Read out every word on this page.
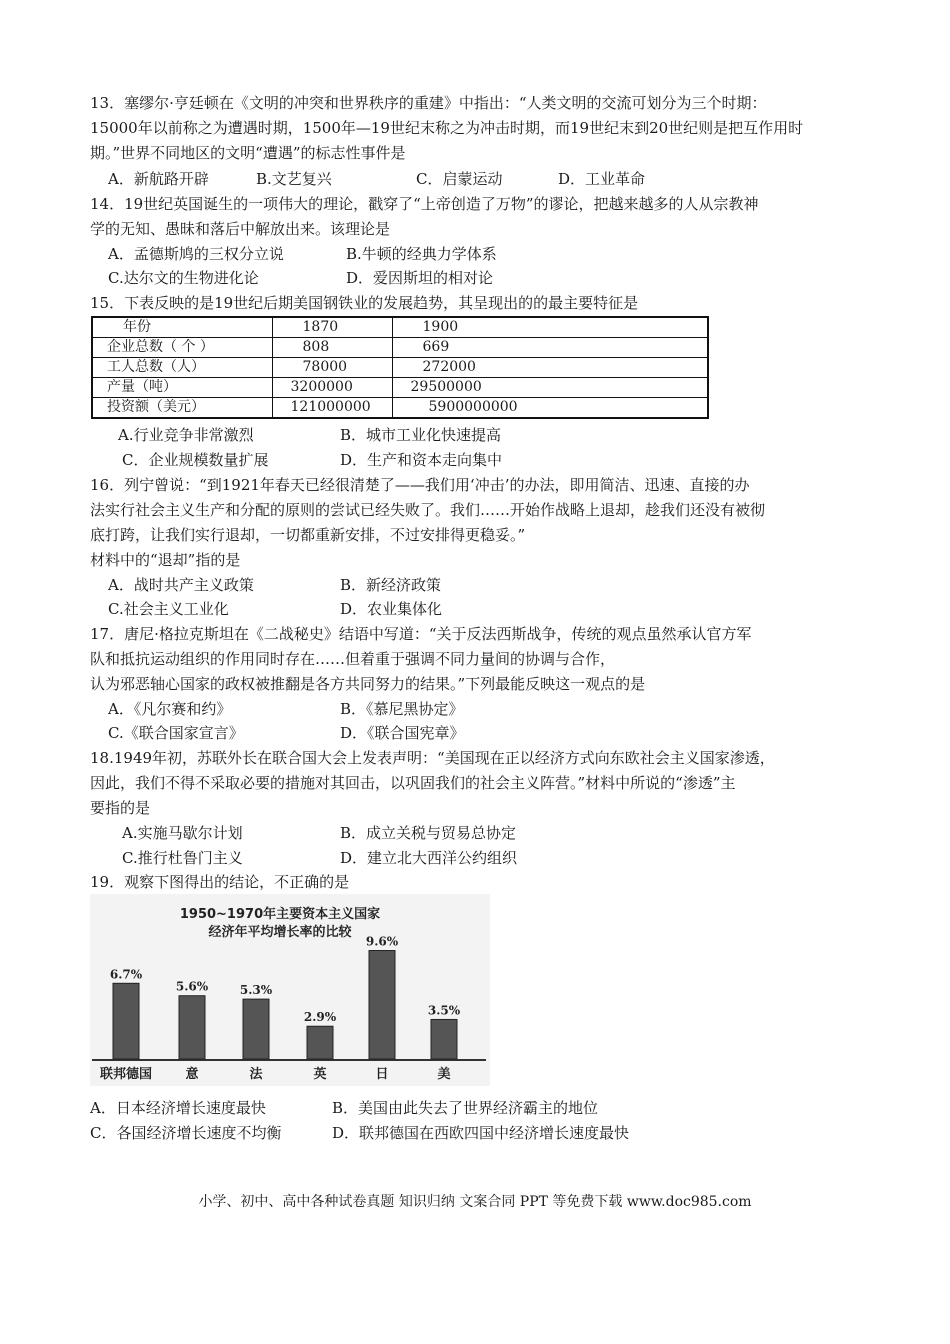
13．塞缪尔·亨廷顿在《文明的冲突和世界秩序的重建》中指出：“人类文明的交流可划分为三个时期：
15000年以前称之为遭遇时期，1500年—19世纪末称之为冲击时期，而19世纪末到20世纪则是把互作用时
期。”世界不同地区的文明“遭遇”的标志性事件是
A．新航路开辟	B.文艺复兴	C．启蒙运动	D．工业革命
14．19世纪英国诞生的一项伟大的理论，戳穿了“上帝创造了万物”的谬论，把越来越多的人从宗教神
学的无知、愚昧和落后中解放出来。该理论是
A．孟德斯鸠的三权分立说	B.牛顿的经典力学体系
C.达尔文的生物进化论	D．爱因斯坦的相对论
15．下表反映的是19世纪后期美国钢铁业的发展趋势，其呈现出的的最主要特征是
年份	1870	1900
企业总数（ 个 ）	808	669
工人总数（人）	78000	272000
产量（吨）	3200000	29500000
投资额（美元）	121000000	5900000000
A.行业竞争非常激烈	B．城市工业化快速提高
C．企业规模数量扩展	D．生产和资本走向集中
16．列宁曾说：“到1921年春天已经很清楚了——我们用‘冲击’的办法，即用简洁、迅速、直接的办
法实行社会主义生产和分配的原则的尝试已经失败了。我们……开始作战略上退却，趁我们还没有被彻
底打跨，让我们实行退却，一切都重新安排，不过安排得更稳妥。”
材料中的“退却”指的是
A．战时共产主义政策	B．新经济政策
C.社会主义工业化	D．农业集体化
17．唐尼·格拉克斯坦在《二战秘史》结语中写道：“关于反法西斯战争，传统的观点虽然承认官方军
队和抵抗运动组织的作用同时存在……但着重于强调不同力量间的协调与合作，
认为邪恶轴心国家的政权被推翻是各方共同努力的结果。”下列最能反映这一观点的是
A．《凡尔赛和约》	B．《慕尼黑协定》
C.《联合国家宣言》	D．《联合国宪章》
18.1949年初，苏联外长在联合国大会上发表声明：“美国现在正以经济方式向东欧社会主义国家渗透，
因此，我们不得不采取必要的措施对其回击，以巩固我们的社会主义阵营。”材料中所说的“渗透”主
要指的是
A.实施马歇尔计划	B．成立关税与贸易总协定
C.推行杜鲁门主义	D．建立北大西洋公约组织
19．观察下图得出的结论，不正确的是
1950~1970年主要资本主义国家
经济年平均增长率的比较
6.7%
联邦德国
5.6%
意
5.3%
法
2.9%
英
9.6%
日
3.5%
美
A．日本经济增长速度最快	B．美国由此失去了世界经济霸主的地位
C．各国经济增长速度不均衡	D．联邦德国在西欧四国中经济增长速度最快
小学、初中、高中各种试卷真题 知识归纳 文案合同 PPT 等免费下载 www.doc985.com
